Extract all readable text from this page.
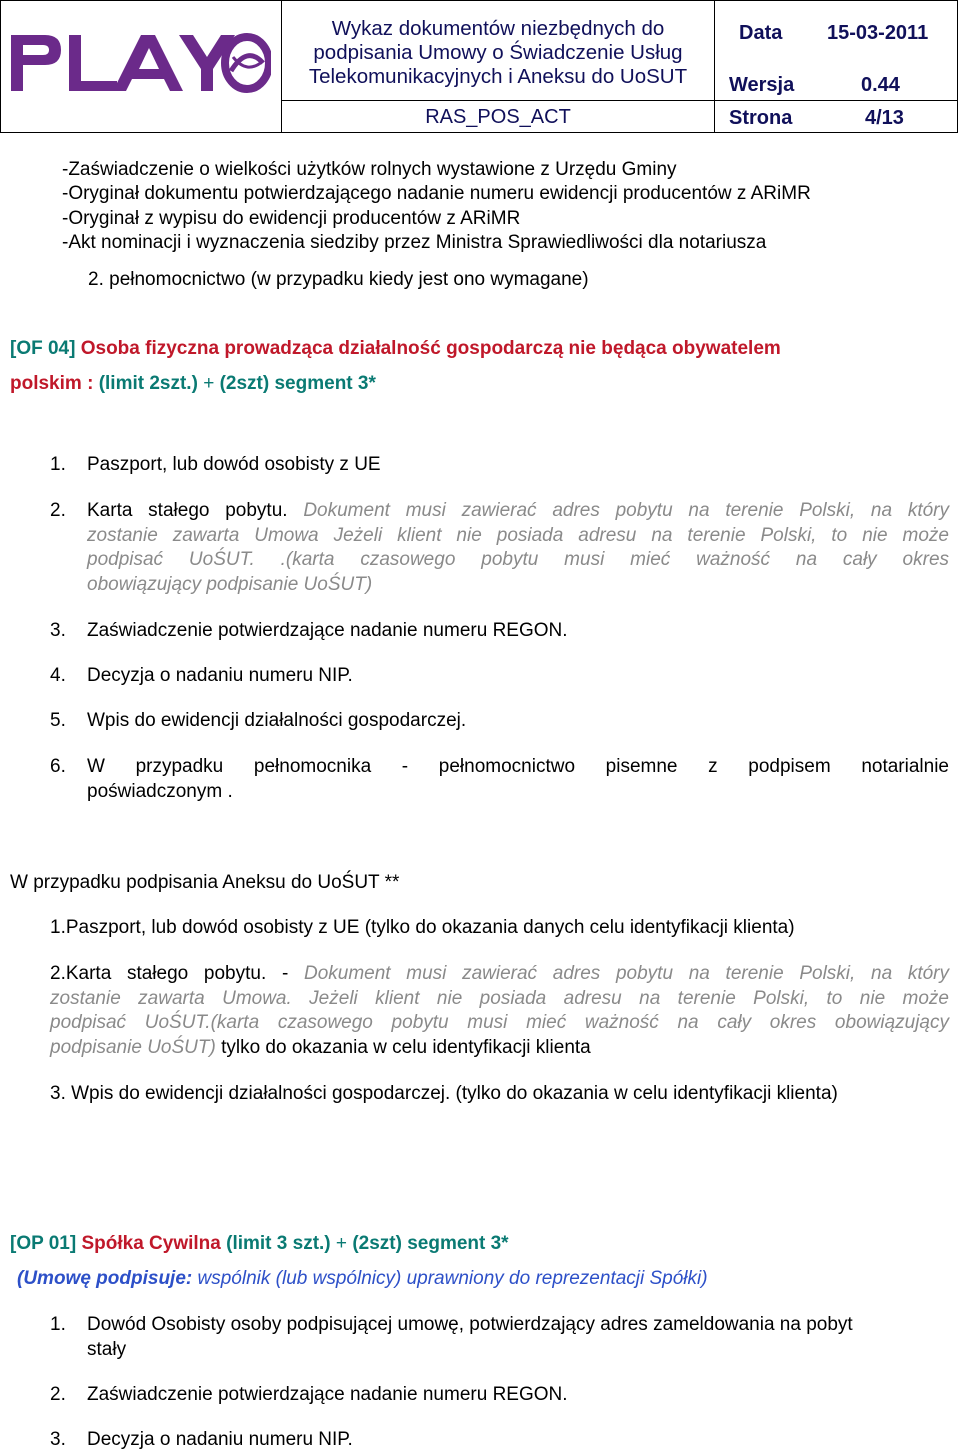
Wykaz dokumentów niezbędnych do
podpisania Umowy o Świadczenie Usług
Telekomunikacyjnych i Aneksu do UoSUT
Data 15-03-2011
Wersja	0.44
RAS_POS_ACT	Strona	4/13
-Zaświadczenie o wielkości użytków rolnych wystawione z Urzędu Gminy
-Oryginał dokumentu potwierdzającego nadanie numeru ewidencji producentów z ARiMR
-Oryginał z wypisu do ewidencji producentów z ARiMR
-Akt nominacji i wyznaczenia siedziby przez Ministra Sprawiedliwości dla notariusza
2. pełnomocnictwo (w przypadku kiedy jest ono wymagane)
[OF 04] Osoba fizyczna prowadząca działalność gospodarczą nie będąca obywatelem
polskim : (limit 2szt.) + (2szt) segment 3*
1. Paszport, lub dowód osobisty z UE
2. Karta stałego pobytu. Dokument musi zawierać adres pobytu na terenie Polski, na który
zostanie zawarta Umowa Jeżeli klient nie posiada adresu na terenie Polski, to nie może
podpisać UoŚUT. .(karta czasowego pobytu musi mieć ważność na cały okres
obowiązujący podpisanie UoŚUT)
3. Zaświadczenie potwierdzające nadanie numeru REGON.
4. Decyzja o nadaniu numeru NIP.
5. Wpis do ewidencji działalności gospodarczej.
6. W przypadku pełnomocnika - pełnomocnictwo pisemne z podpisem notarialnie
poświadczonym .
W przypadku podpisania Aneksu do UoŚUT **
1.Paszport, lub dowód osobisty z UE (tylko do okazania danych celu identyfikacji klienta)
2.Karta stałego pobytu. - Dokument musi zawierać adres pobytu na terenie Polski, na który
zostanie zawarta Umowa. Jeżeli klient nie posiada adresu na terenie Polski, to nie może
podpisać UoŚUT.(karta czasowego pobytu musi mieć ważność na cały okres obowiązujący
podpisanie UoŚUT) tylko do okazania w celu identyfikacji klienta
3. Wpis do ewidencji działalności gospodarczej. (tylko do okazania w celu identyfikacji klienta)
[OP 01] Spółka Cywilna (limit 3 szt.) + (2szt) segment 3*
(Umowę podpisuje: wspólnik (lub wspólnicy) uprawniony do reprezentacji Spółki)
1. Dowód Osobisty osoby podpisującej umowę, potwierdzający adres zameldowania na pobyt
stały
2. Zaświadczenie potwierdzające nadanie numeru REGON.
3. Decyzja o nadaniu numeru NIP.
